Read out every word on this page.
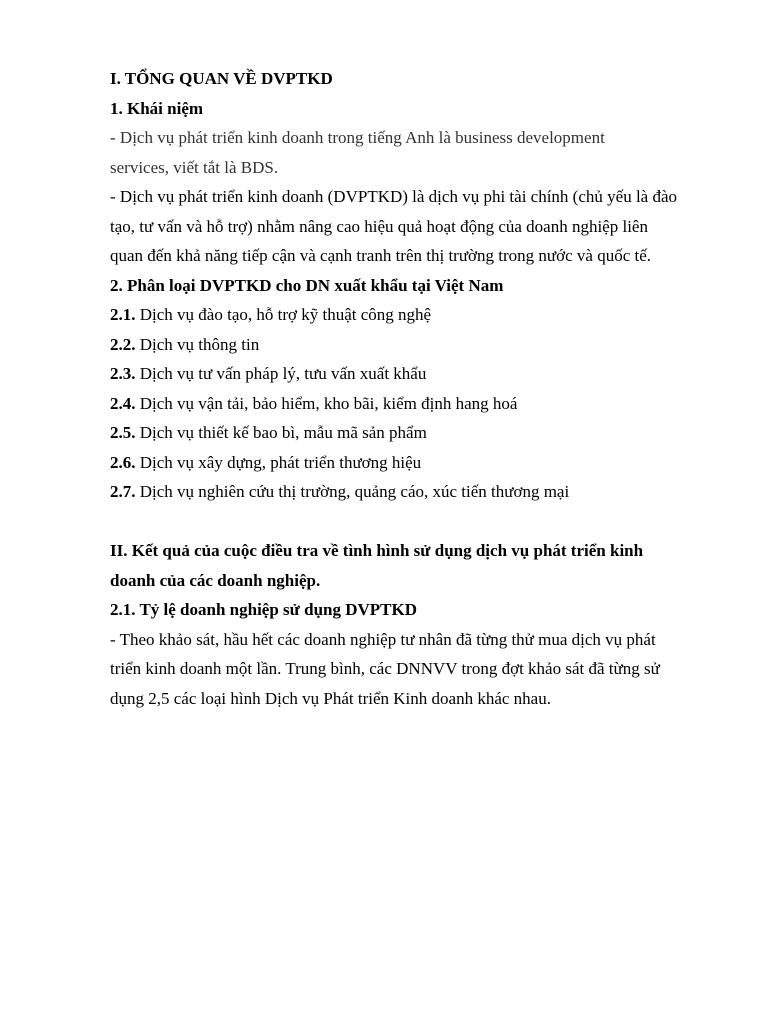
I. TỔNG QUAN VỀ DVPTKD

1. Khái niệm

- Dịch vụ phát triển kinh doanh trong tiếng Anh là business development

services, viết tắt là BDS.

- Dịch vụ phát triển kinh doanh (DVPTKD) là dịch vụ phi tài chính (chủ yếu là đào

tạo, tư vấn và hỗ trợ) nhằm nâng cao hiệu quả hoạt động của doanh nghiệp liên

quan đến khả năng tiếp cận và cạnh tranh trên thị trường trong nước và quốc tế.

2. Phân loại DVPTKD cho DN xuất khẩu tại Việt Nam

2.1. Dịch vụ đào tạo, hỗ trợ kỹ thuật công nghệ

2.2. Dịch vụ thông tin

2.3. Dịch vụ tư vấn pháp lý, tưu vấn xuất khẩu

2.4. Dịch vụ vận tải, bảo hiểm, kho bãi, kiểm định hang hoá

2.5. Dịch vụ thiết kế bao bì, mẫu mã sản phẩm

2.6. Dịch vụ xây dựng, phát triển thương hiệu

2.7. Dịch vụ nghiên cứu thị trường, quảng cáo, xúc tiến thương mại

II. Kết quả của cuộc điều tra về tình hình sử dụng dịch vụ phát triển kinh

doanh của các doanh nghiệp.

2.1. Tỷ lệ doanh nghiệp sử dụng DVPTKD

- Theo khảo sát, hầu hết các doanh nghiệp tư nhân đã từng thử mua dịch vụ phát

triển kinh doanh một lần. Trung bình, các DNNVV trong đợt khảo sát đã từng sử

dụng 2,5 các loại hình Dịch vụ Phát triển Kinh doanh khác nhau.
